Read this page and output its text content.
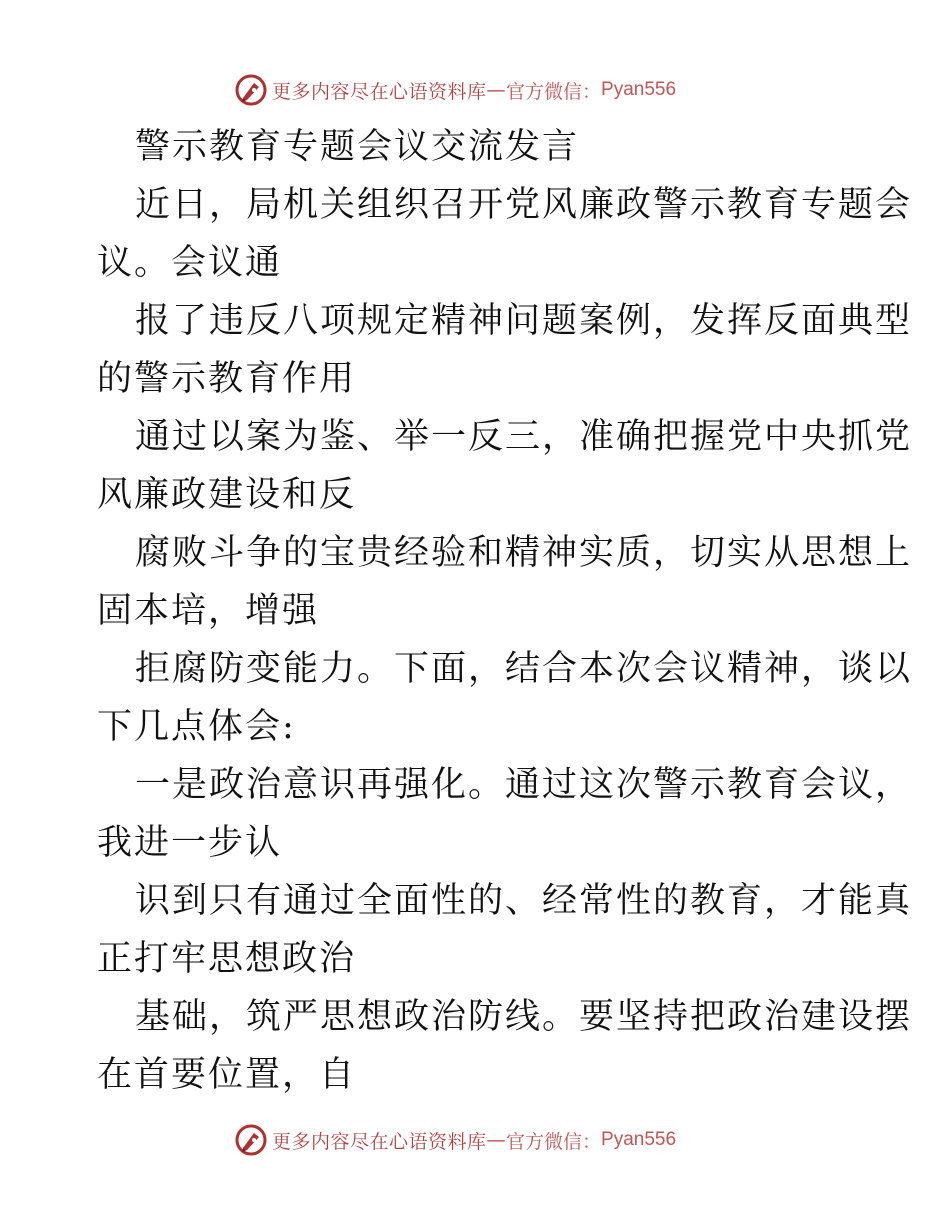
更多内容尽在心语资料库 — 官方微信： Pyan556
警示教育专题会议交流发言
近日，局机关组织召开党风廉政警示教育专题会
议。会议通
报了违反八项规定精神问题案例，发挥反面典型
的警示教育作用
通过以案为鉴、举一反三，准确把握党中央抓党
风廉政建设和反
腐败斗争的宝贵经验和精神实质，切实从思想上
固本培，增强
拒腐防变能力。下面，结合本次会议精神，谈以
下几点体会:
一是政治意识再强化。通过这次警示教育会议，
我进一步认
识到只有通过全面性的、经常性的教育，才能真
正打牢思想政治
基础，筑严思想政治防线。要坚持把政治建设摆
在首要位置，自
更多内容尽在心语资料库 — 官方微信： Pyan556
